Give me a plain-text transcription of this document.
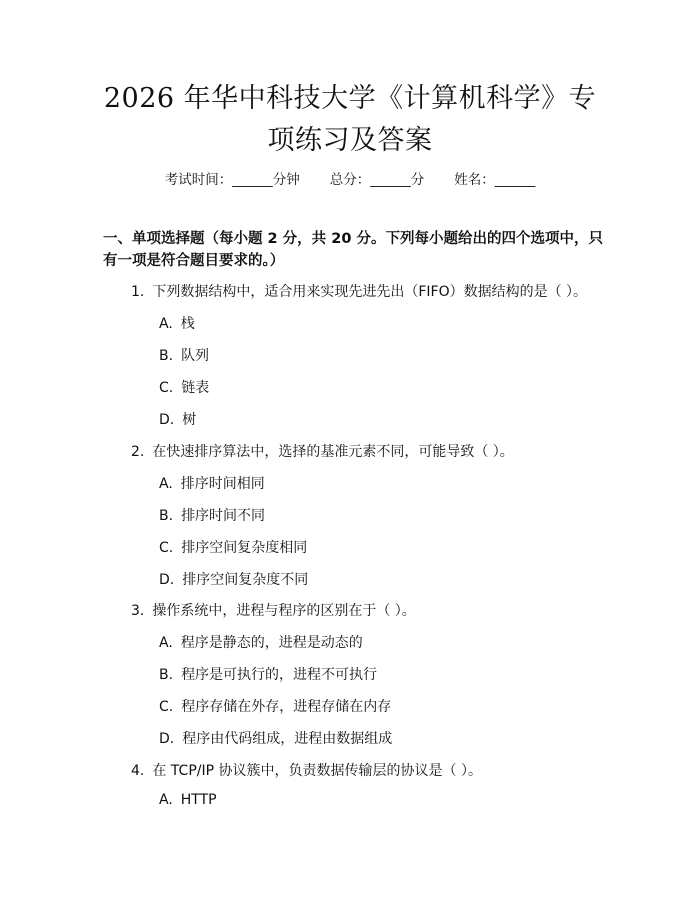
2026 年华中科技大学《计算机科学》专项练习及答案
考试时间：______分钟 总分：______分 姓名：______
一、单项选择题（每小题 2 分，共 20 分。下列每小题给出的四个选项中，只有一项是符合题目要求的。）
1. 下列数据结构中，适合用来实现先进先出（FIFO）数据结构的是（ ）。
A. 栈
B. 队列
C. 链表
D. 树
2. 在快速排序算法中，选择的基准元素不同，可能导致（ ）。
A. 排序时间相同
B. 排序时间不同
C. 排序空间复杂度相同
D. 排序空间复杂度不同
3. 操作系统中，进程与程序的区别在于（ ）。
A. 程序是静态的，进程是动态的
B. 程序是可执行的，进程不可执行
C. 程序存储在外存，进程存储在内存
D. 程序由代码组成，进程由数据组成
4. 在 TCP/IP 协议簇中，负责数据传输层的协议是（ ）。
A. HTTP
